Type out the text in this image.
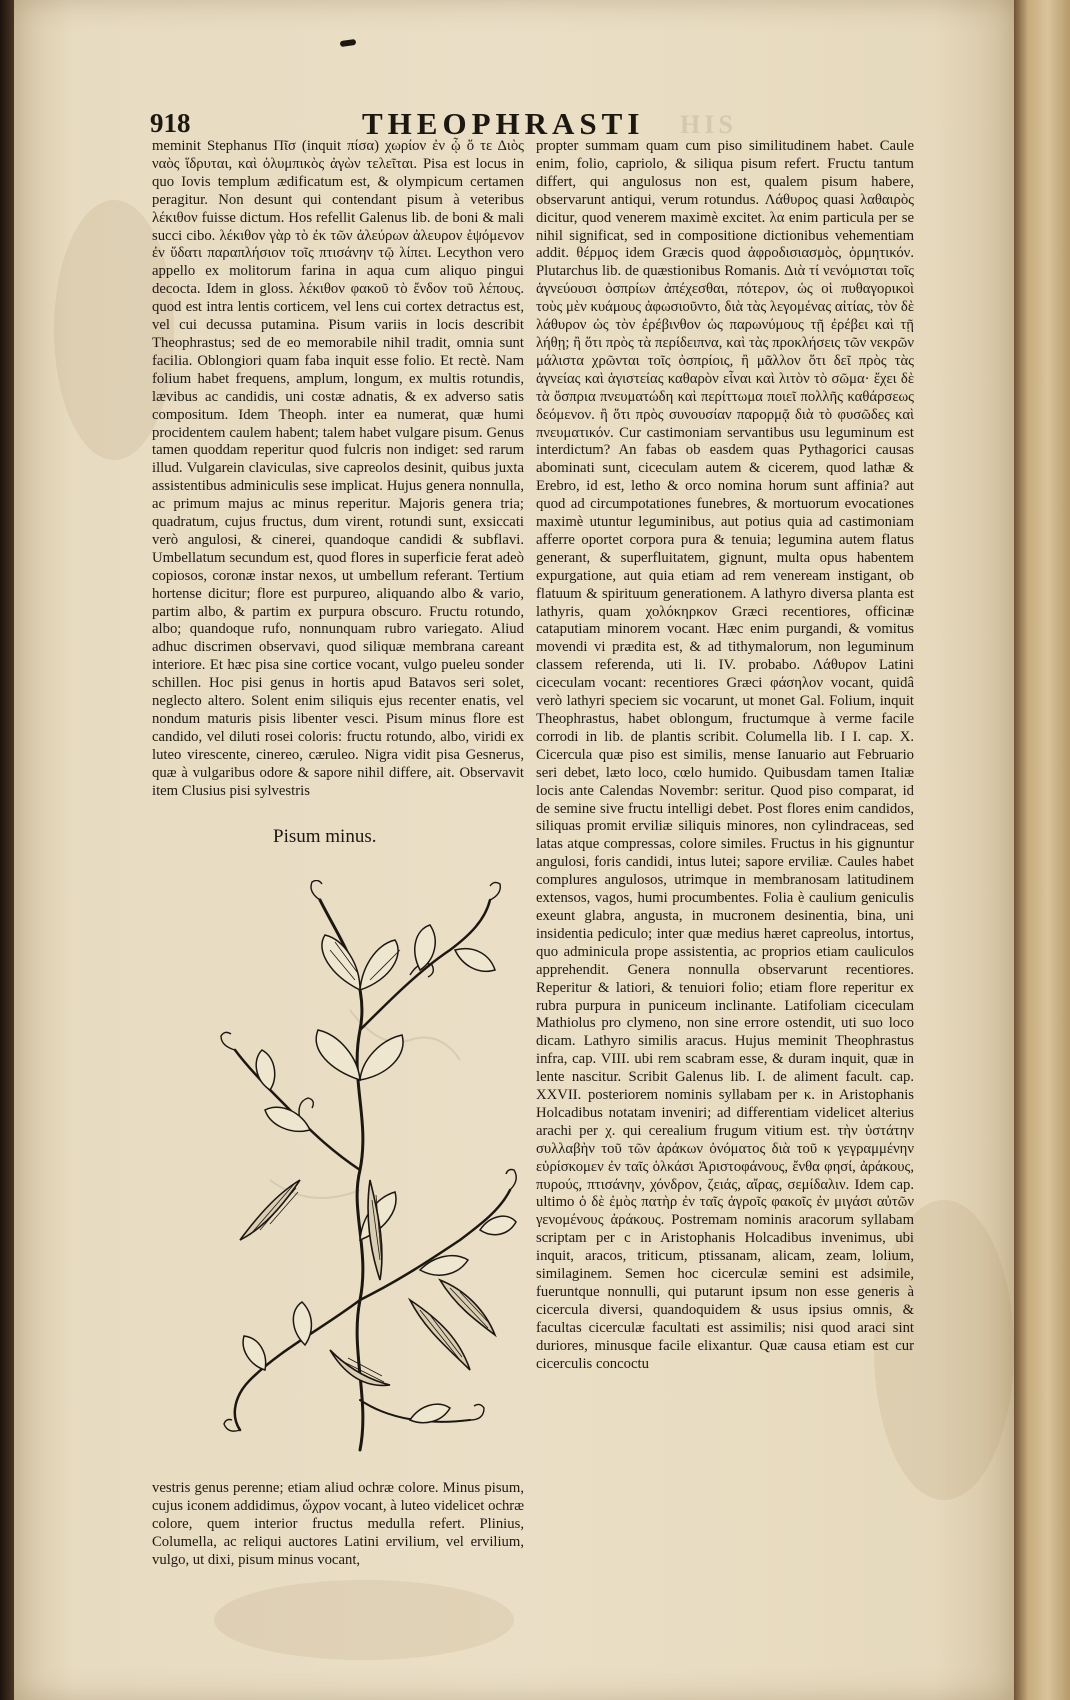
918	THEOPHRASTI HIS

meminit Stephanus Πῖσ (inquit πίσα) χωρίον ἐν ᾧ ὅ τε Διὸς ναὸς ἵδρυται, καὶ ὀλυμπικὸς ἀγὼν τελεῖται. Pisa est locus in quo Iovis templum ædificatum est, & olympicum certamen peragitur. Non desunt qui contendant pisum à veteribus λέκιθον fuisse dictum. Hos refellit Galenus lib. de boni & mali succi cibo. λέκιθον γὰρ τὸ ἐκ τῶν ἀλεύρων ἀλευρον ἑψόμενον ἐν ὕδατι παραπλήσιον τοῖς πτισάνην τῷ λίπει. Lecython vero appello ex molitorum farina in aqua cum aliquo pingui decocta. Idem in gloss. λέκιθον φακοῦ τὸ ἔνδον τοῦ λέπους. quod est intra lentis corticem, vel lens cui cortex detractus est, vel cui decussa putamina. Pisum variis in locis describit Theophrastus; sed de eo memorabile nihil tradit, omnia sunt facilia. Oblongiori quam faba inquit esse folio. Et rectè. Nam folium habet frequens, amplum, longum, ex multis rotundis, lævibus ac candidis, uni costæ adnatis, & ex adverso satis compositum. Idem Theoph. inter ea numerat, quæ humi procidentem caulem habent; talem habet vulgare pisum. Genus tamen quoddam reperitur quod fulcris non indiget: sed rarum illud. Vulgarein claviculas, sive capreolos desinit, quibus juxta assistentibus adminiculis sese implicat. Hujus genera nonnulla, ac primum majus ac minus reperitur. Majoris genera tria; quadratum, cujus fructus, dum virent, rotundi sunt, exsiccati verò angulosi, & cinerei, quandoque candidi & subflavi. Umbellatum secundum est, quod flores in superficie ferat adeò copiosos, coronæ instar nexos, ut umbellum referant. Tertium hortense dicitur; flore est purpureo, aliquando albo & vario, partim albo, & partim ex purpura obscuro. Fructu rotundo, albo; quandoque rufo, nonnunquam rubro variegato. Aliud adhuc discrimen observavi, quod siliquæ membrana careant interiore. Et hæc pisa sine cortice vocant, vulgo pueleu sonder schillen. Hoc pisi genus in hortis apud Batavos seri solet, neglecto altero. Solent enim siliquis ejus recenter enatis, vel nondum maturis pisis libenter vesci. Pisum minus flore est candido, vel diluti rosei coloris: fructu rotundo, albo, viridi ex luteo virescente, cinereo, cæruleo. Nigra vidit pisa Gesnerus, quæ à vulgaribus odore & sapore nihil differe, ait. Observavit item Clusius pisi sylvestris

Pisum minus.

vestris genus perenne; etiam aliud ochræ colore. Minus pisum, cujus iconem addidimus, ὤχρον vocant, à luteo videlicet ochræ colore, quem interior fructus medulla refert. Plinius, Columella, ac reliqui auctores Latini ervilium, vel ervilium, vulgo, ut dixi, pisum minus vocant,

propter summam quam cum piso similitudinem habet. Caule enim, folio, capriolo, & siliqua pisum refert. Fructu tantum differt, qui angulosus non est, qualem pisum habere, observarunt antiqui, verum rotundus. Λάθυρος quasi λαθαιρὸς dicitur, quod venerem maximè excitet. λα enim particula per se nihil significat, sed in compositione dictionibus vehementiam addit. θέρμος idem Græcis quod ἀφροδισιασμὸς, ὁρμητικόν. Plutarchus lib. de quæstionibus Romanis. Διὰ τί νενόμισται τοῖς ἁγνεύουσι ὀσπρίων ἀπέχεσθαι, πότερον, ὡς οἱ πυθαγορικοὶ τοὺς μὲν κυάμους ἀφωσιοῦντο, διὰ τὰς λεγομένας αἰτίας, τὸν δὲ λάθυρον ὡς τὸν ἐρέβινθον ὡς παρωνύμους τῇ ἐρέβει καὶ τῇ λήθῃ; ἢ ὅτι πρὸς τὰ περίδειπνα, καὶ τὰς προκλήσεις τῶν νεκρῶν μάλιστα χρῶνται τοῖς ὀσπρίοις, ἢ μᾶλλον ὅτι δεῖ πρὸς τὰς ἁγνείας καὶ ἁγιστείας καθαρὸν εἶναι καὶ λιτὸν τὸ σῶμα· ἔχει δὲ τὰ ὄσπρια πνευματώδη καὶ περίττωμα ποιεῖ πολλῆς καθάρσεως δεόμενον. ἢ ὅτι πρὸς συνουσίαν παρορμᾷ διὰ τὸ φυσῶδες καὶ πνευματικόν. Cur castimoniam servantibus usu leguminum est interdictum? An fabas ob easdem quas Pythagorici causas abominati sunt, ciceculam autem & cicerem, quod lathæ & Erebro, id est, letho & orco nomina horum sunt affinia? aut quod ad circumpotationes funebres, & mortuorum evocationes maximè utuntur leguminibus, aut potius quia ad castimoniam afferre oportet corpora pura & tenuia; legumina autem flatus generant, & superfluitatem, gignunt, multa opus habentem expurgatione, aut quia etiam ad rem veneream instigant, ob flatuum & spirituum generationem. A lathyro diversa planta est lathyris, quam χολόκηρκον Græci recentiores, officinæ cataputiam minorem vocant. Hæc enim purgandi, & vomitus movendi vi prædita est, & ad tithymalorum, non leguminum classem referenda, uti li. IV. probabo. Λάθυρον Latini ciceculam vocant: recentiores Græci φάσηλον vocant, quidâ verò lathyri speciem sic vocarunt, ut monet Gal. Folium, inquit Theophrastus, habet oblongum, fructumque à verme facile corrodi in lib. de plantis scribit. Columella lib. I I. cap. X. Cicercula quæ piso est similis, mense Ianuario aut Februario seri debet, læto loco, cœlo humido. Quibusdam tamen Italiæ locis ante Calendas Novembr: seritur. Quod piso comparat, id de semine sive fructu intelligi debet. Post flores enim candidos, siliquas promit erviliæ siliquis minores, non cylindraceas, sed latas atque compressas, colore similes. Fructus in his gignuntur angulosi, foris candidi, intus lutei; sapore erviliæ. Caules habet complures angulosos, utrimque in membranosam latitudinem extensos, vagos, humi procumbentes. Folia è caulium geniculis exeunt glabra, angusta, in mucronem desinentia, bina, uni insidentia pediculo; inter quæ medius hæret capreolus, intortus, quo adminicula prope assistentia, ac proprios etiam cauliculos apprehendit. Genera nonnulla observarunt recentiores. Reperitur & latiori, & tenuiori folio; etiam flore reperitur ex rubra purpura in puniceum inclinante. Latifoliam ciceculam Mathiolus pro clymeno, non sine errore ostendit, uti suo loco dicam. Lathyro similis aracus. Hujus meminit Theophrastus infra, cap. VIII. ubi rem scabram esse, & duram inquit, quæ in lente nascitur. Scribit Galenus lib. I. de aliment facult. cap. XXVII. posteriorem nominis syllabam per κ. in Aristophanis Holcadibus notatam inveniri; ad differentiam videlicet alterius arachi per χ. qui cerealium frugum vitium est. τὴν ὑστάτην συλλαβὴν τοῦ τῶν ἀράκων ὀνόματος διὰ τοῦ κ γεγραμμένην εὑρίσκομεν ἐν ταῖς ὁλκάσι Ἀριστοφάνους, ἔνθα φησί, ἀράκους, πυρούς, πτισάνην, χόνδρον, ζειάς, αἴρας, σεμίδαλιν. Idem cap. ultimo ὁ δὲ ἐμὸς πατὴρ ἐν ταῖς ἀγροῖς φακοῖς ἐν μιγάσι αὐτῶν γενομένους ἀράκους. Postremam nominis aracorum syllabam scriptam per c in Aristophanis Holcadibus invenimus, ubi inquit, aracos, triticum, ptissanam, alicam, zeam, lolium, similaginem. Semen hoc cicerculæ semini est adsimile, fueruntque nonnulli, qui putarunt ipsum non esse generis à cicercula diversi, quandoquidem & usus ipsius omnis, & facultas cicerculæ facultati est assimilis; nisi quod araci sint duriores, minusque facile elixantur. Quæ causa etiam est cur cicerculis concoctu
